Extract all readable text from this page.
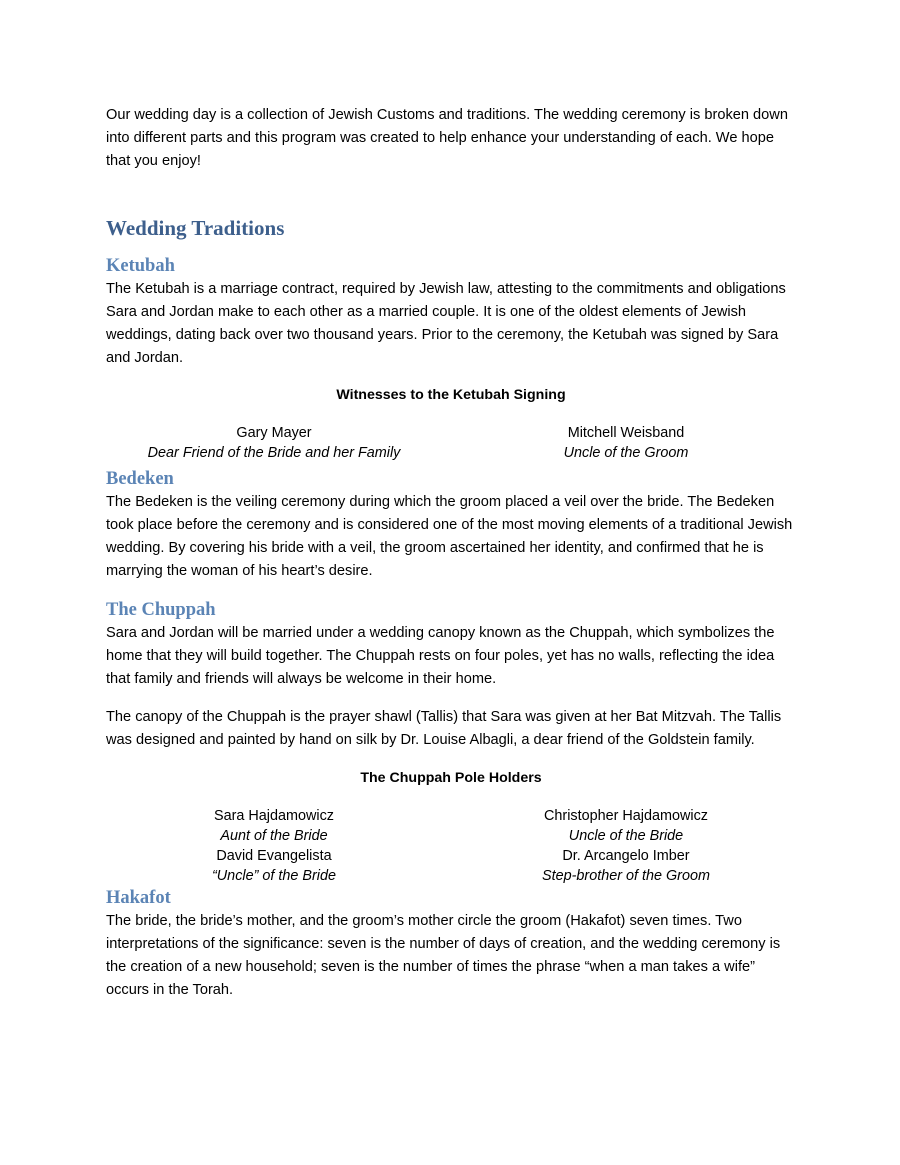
Our wedding day is a collection of Jewish Customs and traditions. The wedding ceremony is broken down into different parts and this program was created to help enhance your understanding of each. We hope that you enjoy!

Wedding Traditions
Ketubah

The Ketubah is a marriage contract, required by Jewish law, attesting to the commitments and obligations Sara and Jordan make to each other as a married couple. It is one of the oldest elements of Jewish weddings, dating back over two thousand years. Prior to the ceremony, the Ketubah was signed by Sara and Jordan.

Witnesses to the Ketubah Signing
Gary Mayer
Dear Friend of the Bride and her Family
Mitchell Weisband
Uncle of the Groom
Bedeken

The Bedeken is the veiling ceremony during which the groom placed a veil over the bride. The Bedeken took place before the ceremony and is considered one of the most moving elements of a traditional Jewish wedding. By covering his bride with a veil, the groom ascertained her identity, and confirmed that he is marrying the woman of his heart’s desire.

The Chuppah

Sara and Jordan will be married under a wedding canopy known as the Chuppah, which symbolizes the home that they will build together. The Chuppah rests on four poles, yet has no walls, reflecting the idea that family and friends will always be welcome in their home.

The canopy of the Chuppah is the prayer shawl (Tallis) that Sara was given at her Bat Mitzvah. The Tallis was designed and painted by hand on silk by Dr. Louise Albagli, a dear friend of the Goldstein family.

The Chuppah Pole Holders
Sara Hajdamowicz
Aunt of the Bride
David Evangelista
“Uncle” of the Bride
Christopher Hajdamowicz
Uncle of the Bride
Dr. Arcangelo Imber
Step-brother of the Groom
Hakafot

The bride, the bride’s mother, and the groom’s mother circle the groom (Hakafot) seven times. Two interpretations of the significance: seven is the number of days of creation, and the wedding ceremony is the creation of a new household; seven is the number of times the phrase “when a man takes a wife” occurs in the Torah.
